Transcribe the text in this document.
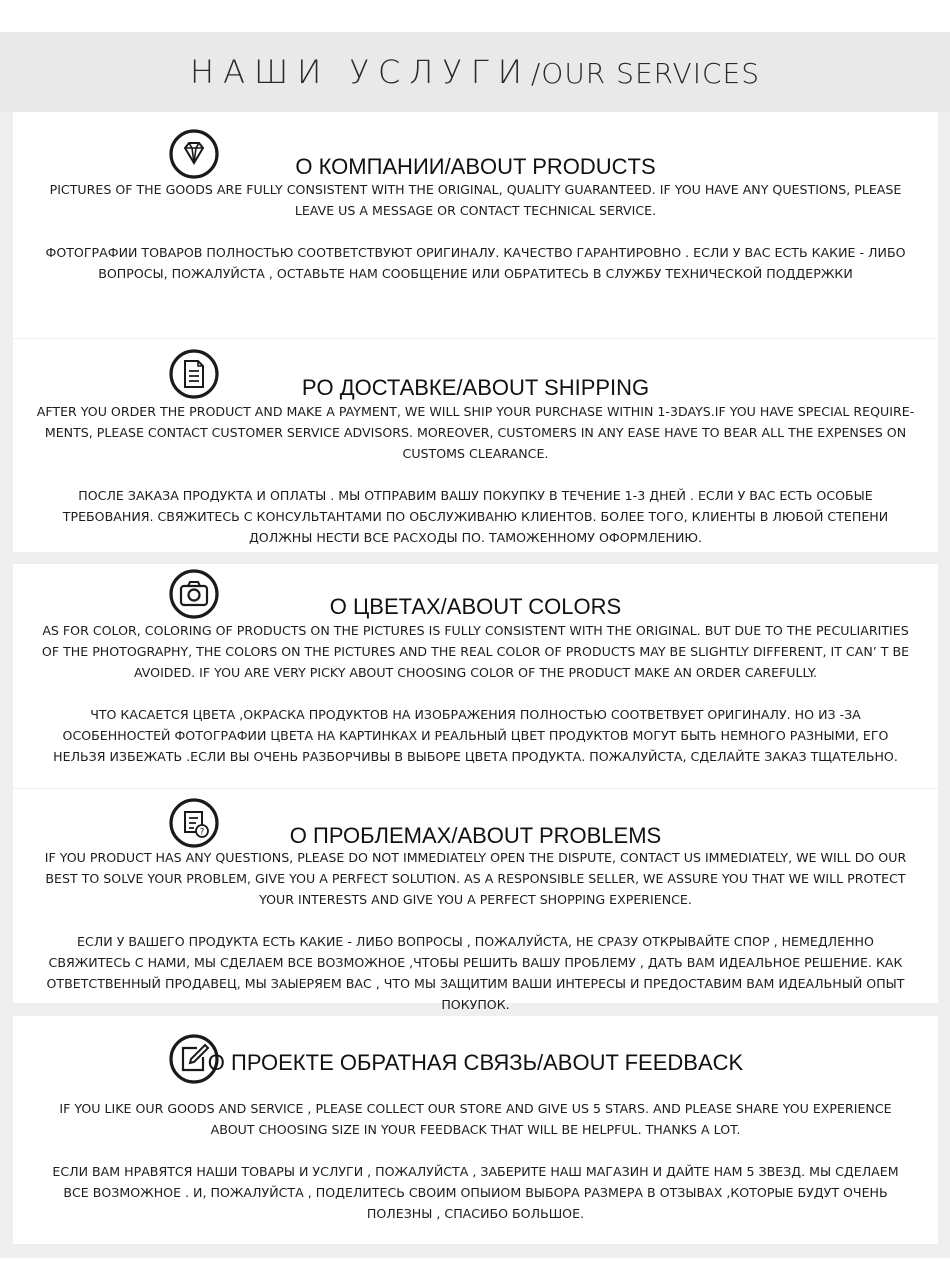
НАШИ УСЛУГИ/OUR SERVICES
О КОМПАНИИ/ABOUT PRODUCTS
PICTURES OF THE GOODS ARE FULLY CONSISTENT WITH THE ORIGINAL, QUALITY GUARANTEED. IF YOU HAVE ANY QUESTIONS, PLEASE LEAVE US A MESSAGE OR CONTACT TECHNICAL SERVICE.
ФОТОГРАФИИ ТОВАРОВ ПОЛНОСТЬЮ СООТВЕТСТВУЮТ ОРИГИНАЛУ. КАЧЕСТВО ГАРАНТИРОВНО . ЕСЛИ У ВАС ЕСТЬ КАКИЕ - ЛИБО ВОПРОСЫ, ПОЖАЛУЙСТА , ОСТАВЬТЕ НАМ СООБЩЕНИЕ ИЛИ ОБРАТИТЕСЬ В СЛУЖБУ ТЕХНИЧЕСКОЙ ПОДДЕРЖКИ
PО ДОСТАВКЕ/ABOUT SHIPPING
AFTER YOU ORDER THE PRODUCT AND MAKE A PAYMENT, WE WILL SHIP YOUR PURCHASE WITHIN 1-3DAYS.IF YOU HAVE SPECIAL REQUIRE-MENTS, PLEASE CONTACT CUSTOMER SERVICE ADVISORS. MOREOVER, CUSTOMERS IN ANY EASE HAVE TO BEAR ALL THE EXPENSES ON CUSTOMS CLEARANCE.
ПОСЛЕ ЗАКАЗА ПРОДУКТА И ОПЛАТЫ . МЫ ОТПРАВИМ ВАШУ ПОКУПКУ В ТЕЧЕНИЕ 1-3 ДНЕЙ . ЕСЛИ У ВАС ЕСТЬ ОСОБЫЕ ТРЕБОВАНИЯ. СВЯЖИТЕСЬ С КОНСУЛЬТАНТАМИ ПО ОБСЛУЖИВАНЮ КЛИЕНТОВ. БОЛЕЕ ТОГО, КЛИЕНТЫ В ЛЮБОЙ СТЕПЕНИ ДОЛЖНЫ НЕСТИ ВСЕ РАСХОДЫ ПО. ТАМОЖЕННОМУ ОФОРМЛЕНИЮ.
О ЦВЕТАХ/ABOUT COLORS
AS FOR COLOR, COLORING OF PRODUCTS ON THE PICTURES IS FULLY CONSISTENT WITH THE ORIGINAL. BUT DUE TO THE PECULIARITIES OF THE PHOTOGRAPHY, THE COLORS ON THE PICTURES AND THE REAL COLOR OF PRODUCTS MAY BE SLIGHTLY DIFFERENT, IT CAN’ T BE AVOIDED. IF YOU ARE VERY PICKY ABOUT CHOOSING COLOR OF THE PRODUCT MAKE AN ORDER CAREFULLY.
ЧТО КАСАЕТСЯ ЦВЕТА ,ОКРАСКА ПРОДУКТОВ НА ИЗОБРАЖЕНИЯ ПОЛНОСТЬЮ СООТВЕТВУЕТ ОРИГИНАЛУ. НО ИЗ -ЗА ОСОБЕННОСТЕЙ ФОТОГРАФИИ ЦВЕТА НА КАРТИНКАХ И РЕАЛЬНЫЙ ЦВЕТ ПРОДУКТОВ МОГУТ БЫТЬ НЕМНОГО РАЗНЫМИ, ЕГО НЕЛЬЗЯ ИЗБЕЖАТЬ .ЕСЛИ ВЫ ОЧЕНЬ РАЗБОРЧИВЫ В ВЫБОРЕ ЦВЕТА ПРОДУКТА. ПОЖАЛУЙСТА, СДЕЛАЙТЕ ЗАКАЗ ТЩАТЕЛЬНО.
?	О ПРОБЛЕМАХ/ABOUT PROBLEMS
IF YOU PRODUCT HAS ANY QUESTIONS, PLEASE DO NOT IMMEDIATELY OPEN THE DISPUTE, CONTACT US IMMEDIATELY, WE WILL DO OUR BEST TO SOLVE YOUR PROBLEM, GIVE YOU A PERFECT SOLUTION. AS A RESPONSIBLE SELLER, WE ASSURE YOU THAT WE WILL PROTECT YOUR INTERESTS AND GIVE YOU A PERFECT SHOPPING EXPERIENCE.
ЕСЛИ У ВАШЕГО ПРОДУКТА ЕСТЬ КАКИЕ - ЛИБО ВОПРОСЫ , ПОЖАЛУЙСТА, НЕ СРАЗУ ОТКРЫВАЙТЕ СПОР , НЕМЕДЛЕННО СВЯЖИТЕСЬ С НАМИ, МЫ СДЕЛАЕМ ВСЕ ВОЗМОЖНОЕ ,ЧТОБЫ РЕШИТЬ ВАШУ ПРОБЛЕМУ , ДАТЬ ВАМ ИДЕАЛЬНОЕ РЕШЕНИЕ. КАК ОТВЕТСТВЕННЫЙ ПРОДАВЕЦ, МЫ ЗАЫЕРЯЕМ ВАС , ЧТО МЫ ЗАЩИТИМ ВАШИ ИНТЕРЕСЫ И ПРЕДОСТАВИМ ВАМ ИДЕАЛЬНЫЙ ОПЫТ ПОКУПОК.
О ПРОЕКТЕ ОБРАТНАЯ СВЯЗЬ/ABOUT FEEDBACK
IF YOU LIKE OUR GOODS AND SERVICE , PLEASE COLLECT OUR STORE AND GIVE US 5 STARS. AND PLEASE SHARE YOU EXPERIENCE ABOUT CHOOSING SIZE IN YOUR FEEDBACK THAT WILL BE HELPFUL. THANKS A LOT.
ЕСЛИ ВАМ НРАВЯТСЯ НАШИ ТОВАРЫ И УСЛУГИ , ПОЖАЛУЙСТА , ЗАБЕРИТЕ НАШ МАГАЗИН И ДАЙТЕ НАМ 5 ЗВЕЗД. МЫ СДЕЛАЕМ ВСЕ ВОЗМОЖНОЕ . И, ПОЖАЛУЙСТА , ПОДЕЛИТЕСЬ СВОИМ ОПЫИОМ ВЫБОРА РАЗМЕРА В ОТЗЫВАХ ,КОТОРЫЕ БУДУТ ОЧЕНЬ ПОЛЕЗНЫ , СПАСИБО БОЛЬШОЕ.
